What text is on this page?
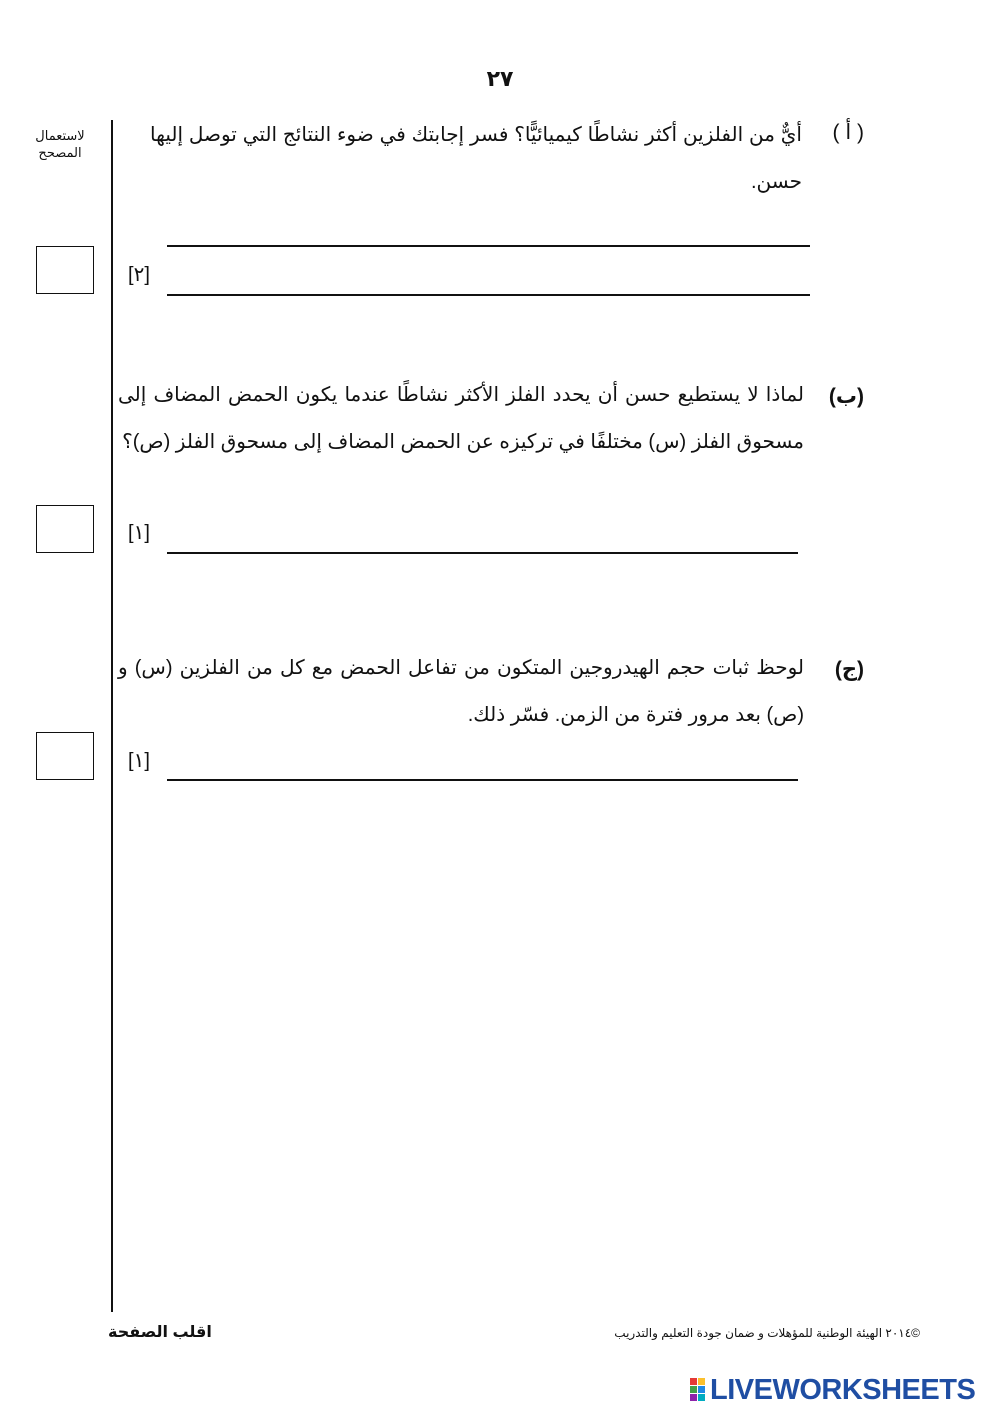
٢٧
لاستعمال المصحح
( أ )
أيٌّ من الفلزين أكثر نشاطًا كيميائيًّا؟ فسر إجابتك في ضوء النتائج التي توصل إليها حسن.
[٢]
(ب)
لماذا لا يستطيع حسن أن يحدد الفلز الأكثر نشاطًا عندما يكون الحمض المضاف إلى مسحوق الفلز (س) مختلفًا في تركيزه عن الحمض المضاف إلى مسحوق الفلز (ص)؟
[١]
(ج)
لوحظ ثبات حجم الهيدروجين المتكون من تفاعل الحمض مع كل من الفلزين (س) و (ص) بعد مرور فترة من الزمن. فسّر ذلك.
[١]
اقلب الصفحة	©٢٠١٤ الهيئة الوطنية للمؤهلات و ضمان جودة التعليم والتدريب
LIVEWORKSHEETS
